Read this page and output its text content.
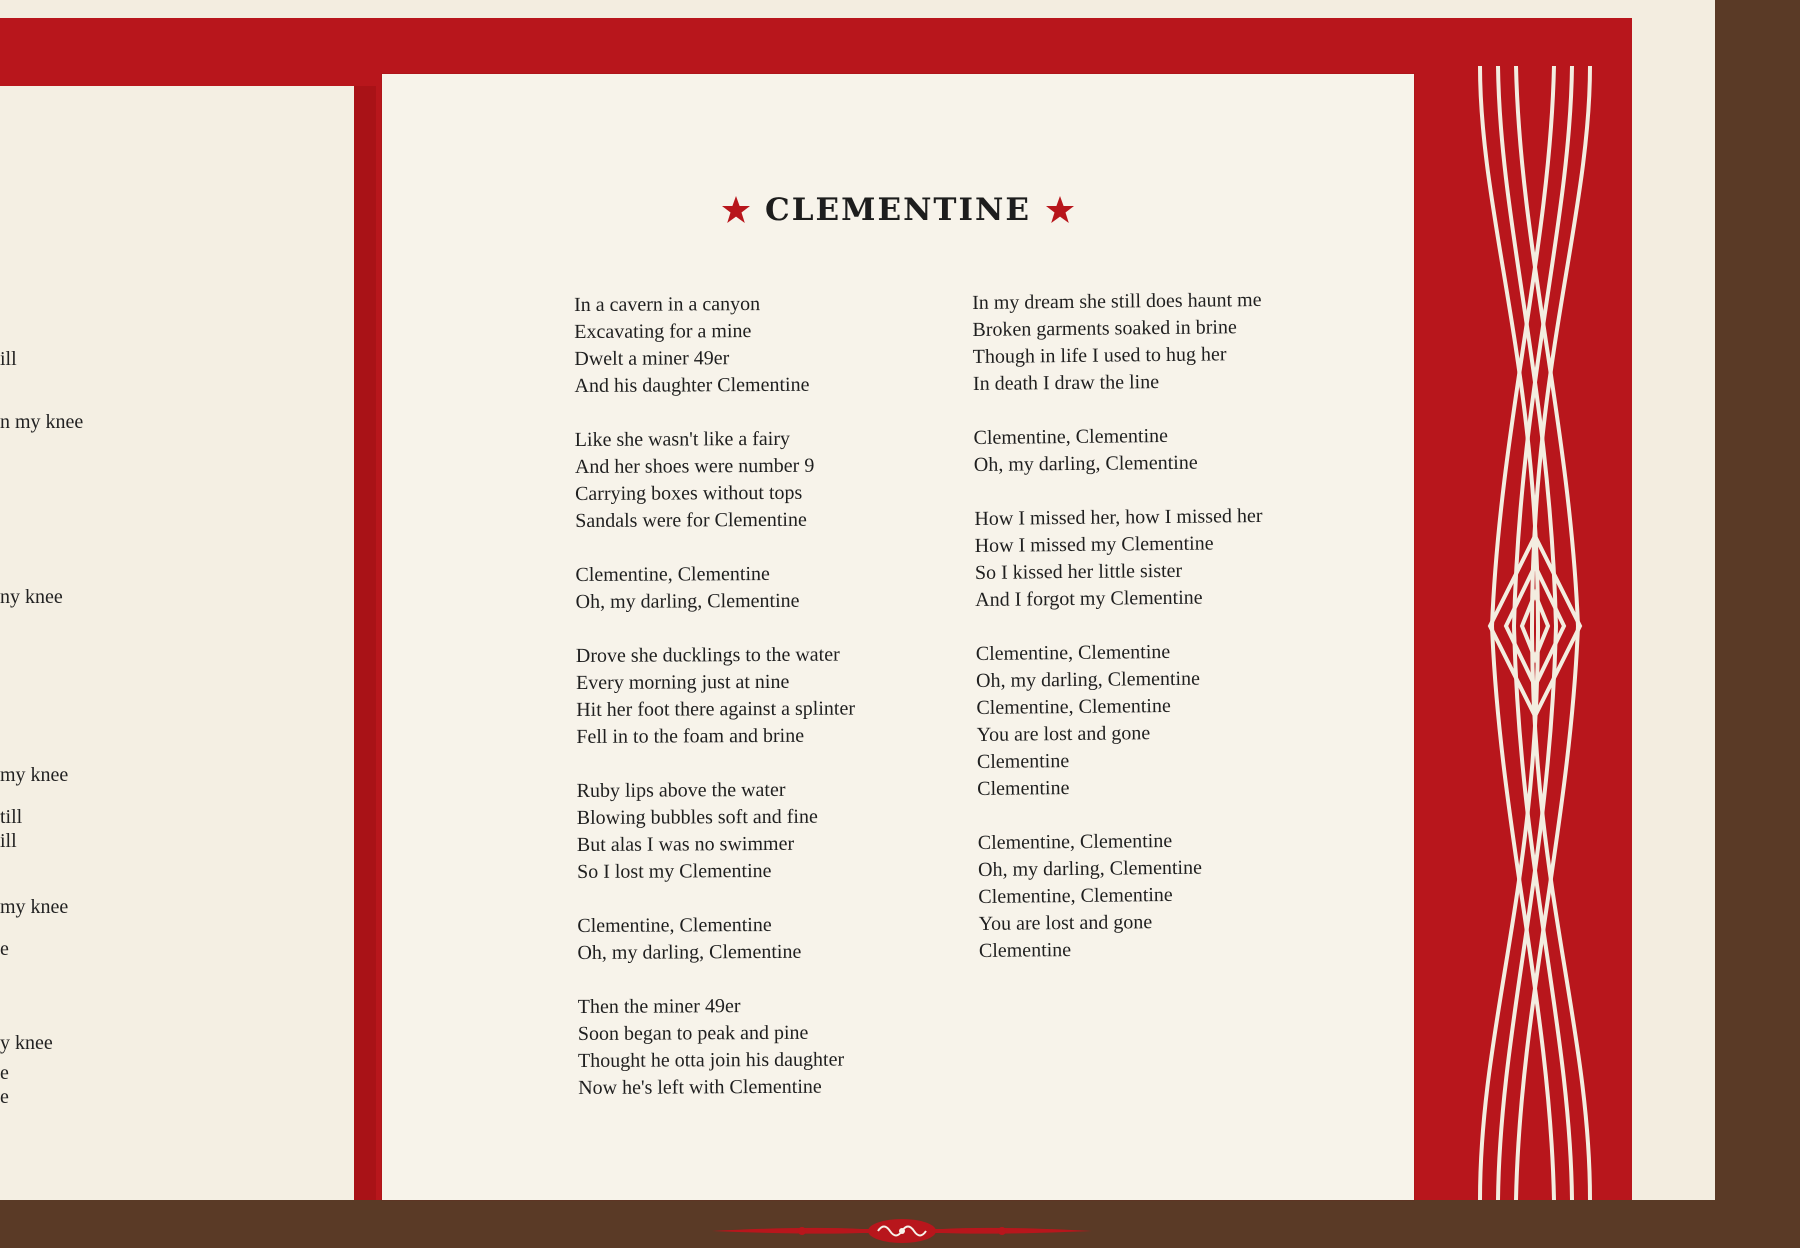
ill
n my knee
ny knee
my knee
till
ill
my knee
e
y knee
e
e
CLEMENTINE
In a cavern in a canyon
Excavating for a mine
Dwelt a miner 49er
And his daughter Clementine
Like she wasn't like a fairy
And her shoes were number 9
Carrying boxes without tops
Sandals were for Clementine
Clementine, Clementine
Oh, my darling, Clementine
Drove she ducklings to the water
Every morning just at nine
Hit her foot there against a splinter
Fell in to the foam and brine
Ruby lips above the water
Blowing bubbles soft and fine
But alas I was no swimmer
So I lost my Clementine
Clementine, Clementine
Oh, my darling, Clementine
Then the miner 49er
Soon began to peak and pine
Thought he otta join his daughter
Now he's left with Clementine
In my dream she still does haunt me
Broken garments soaked in brine
Though in life I used to hug her
In death I draw the line
Clementine, Clementine
Oh, my darling, Clementine
How I missed her, how I missed her
How I missed my Clementine
So I kissed her little sister
And I forgot my Clementine
Clementine, Clementine
Oh, my darling, Clementine
Clementine, Clementine
You are lost and gone
Clementine
Clementine
Clementine, Clementine
Oh, my darling, Clementine
Clementine, Clementine
You are lost and gone
Clementine
